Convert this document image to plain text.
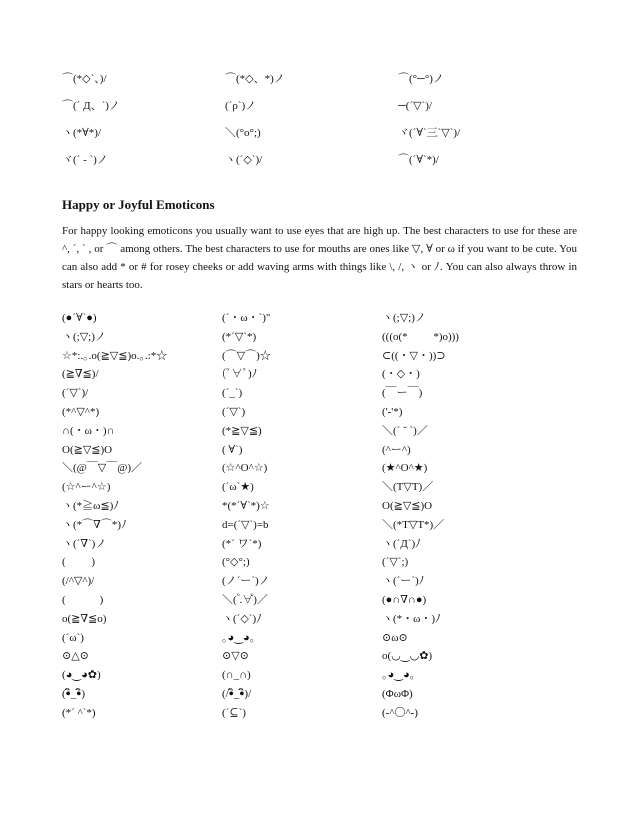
⌒(*◇`、)/	⌒(*◇、*)ノ	⌒(°─°)ノ
⌒(´ Д、`)ノ	(´ρ`)ノ	─(´▽`)/
ヽ(*∀*)/	＼(°o°;)	ヾ(´∀`三`▽`)/
ヾ(´ - `)ノ	ヽ(´◇`)/	⌒(´∀`*)/
Happy or Joyful Emoticons
For happy looking emoticons you usually want to use eyes that are high up. The best characters to use for these are ^, ´, ` , or ⌒ among others. The best characters to use for mouths are ones like ▽, ∀ or ω if you want to be cute. You can also add * or # for rosey cheeks or add waving arms with things like \, /, ヽ or ﾉ. You can also always throw in stars or hearts too.
(●´∀`●)	(´・ω・`)"	ヽ(;▽;)ノ
ヽ(;▽;)ノ	(*´▽`*)	(((o(*゚▽゚*)o)))
☆*:.｡.o(≧▽≦)o.｡.:*☆	(⌒▽⌒)☆	⊂((・▽・))⊃
(≧∇≦)/	(ﾟ∀ﾟ)ﾉ	(・◇・)
(´▽`)/	(´_`)	(￣ー￣)
(*^▽^*)	(´▽`)	('-'*)
∩(・ω・)∩	(*≧▽≦)	＼(´ ˘ `)／
O(≧▽≦)O	( ∀`)	(^ー^)
＼(@￣▽￣@)／	(☆^O^☆)	(★^O^★)
(☆^ー^☆)	(´ω`★)	＼(T▽T)／
ヽ(*≧ω≦)ﾉ	*(*´∀`*)☆	O(≧▽≦)O
ヽ(*⌒∇⌒*)ﾉ	d=(´▽`)=b	＼(*T▽T*)／
ヽ(´∇`)ノ	(*´ ワ`*)	ヽ(´Д`)ﾉ
(ﾟ∀ﾟ)	(°◇°;)	(´▽`;)
(/^▽^)/	(ノ´ー`)ノ	ヽ(´ー`)ﾉ
( ゚ ▽゚ )	＼( ゚.∀゚)／	(●∩∇∩●)
o(≧∇≦o)	ヽ(´◇`)ﾉ	ヽ(*・ω・)ﾉ
(´ω`)	｡◕‿◕｡	⊙ω⊙
⊙△⊙	⊙▽⊙	o(◡‿◡✿)
(◕‿◕✿)	(∩_∩)	｡◕‿◕｡
(•ิ_•ิ)	(/•ิ_•ิ)/	(ΦωΦ)
(*´ ^`*)	(´⊆`)	(-^〇^-)
